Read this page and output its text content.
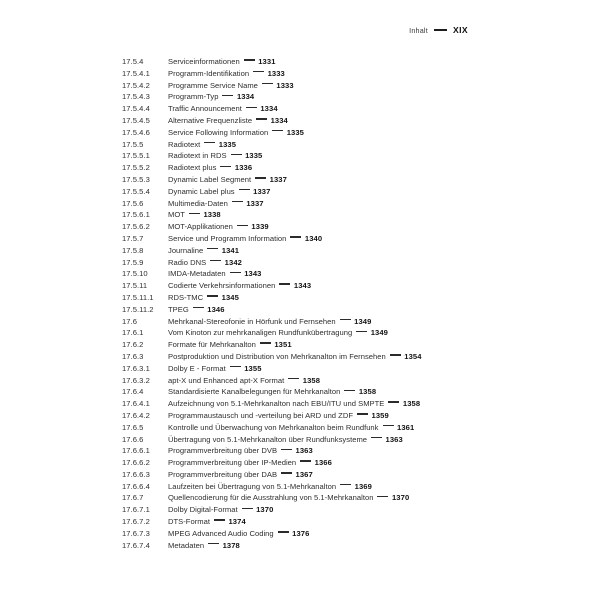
Inhalt	XIX
17.5.4	Serviceinformationen 1331
17.5.4.1	Programm-Identifikation 1333
17.5.4.2	Programme Service Name 1333
17.5.4.3	Programm-Typ 1334
17.5.4.4	Traffic Announcement 1334
17.5.4.5	Alternative Frequenzliste 1334
17.5.4.6	Service Following Information 1335
17.5.5	Radiotext 1335
17.5.5.1	Radiotext in RDS 1335
17.5.5.2	Radiotext plus 1336
17.5.5.3	Dynamic Label Segment 1337
17.5.5.4	Dynamic Label plus 1337
17.5.6	Multimedia-Daten 1337
17.5.6.1	MOT 1338
17.5.6.2	MOT-Applikationen 1339
17.5.7	Service und Programm Information 1340
17.5.8	Journaline 1341
17.5.9	Radio DNS 1342
17.5.10	IMDA-Metadaten 1343
17.5.11	Codierte Verkehrsinformationen 1343
17.5.11.1	RDS-TMC 1345
17.5.11.2	TPEG 1346
17.6	Mehrkanal-Stereofonie in Hörfunk und Fernsehen 1349
17.6.1	Vom Kinoton zur mehrkanaligen Rundfunkübertragung 1349
17.6.2	Formate für Mehrkanalton 1351
17.6.3	Postproduktion und Distribution von Mehrkanalton im Fernsehen 1354
17.6.3.1	Dolby E - Format 1355
17.6.3.2	apt-X und Enhanced apt-X Format 1358
17.6.4	Standardisierte Kanalbelegungen für Mehrkanalton 1358
17.6.4.1	Aufzeichnung von 5.1-Mehrkanalton nach EBU/ITU und SMPTE 1358
17.6.4.2	Programmaustausch und -verteilung bei ARD und ZDF 1359
17.6.5	Kontrolle und Überwachung von Mehrkanalton beim Rundfunk 1361
17.6.6	Übertragung von 5.1-Mehrkanalton über Rundfunksysteme 1363
17.6.6.1	Programmverbreitung über DVB 1363
17.6.6.2	Programmverbreitung über IP-Medien 1366
17.6.6.3	Programmverbreitung über DAB 1367
17.6.6.4	Laufzeiten bei Übertragung von 5.1-Mehrkanalton 1369
17.6.7	Quellencodierung für die Ausstrahlung von 5.1-Mehrkanalton 1370
17.6.7.1	Dolby Digital-Format 1370
17.6.7.2	DTS-Format 1374
17.6.7.3	MPEG Advanced Audio Coding 1376
17.6.7.4	Metadaten 1378
